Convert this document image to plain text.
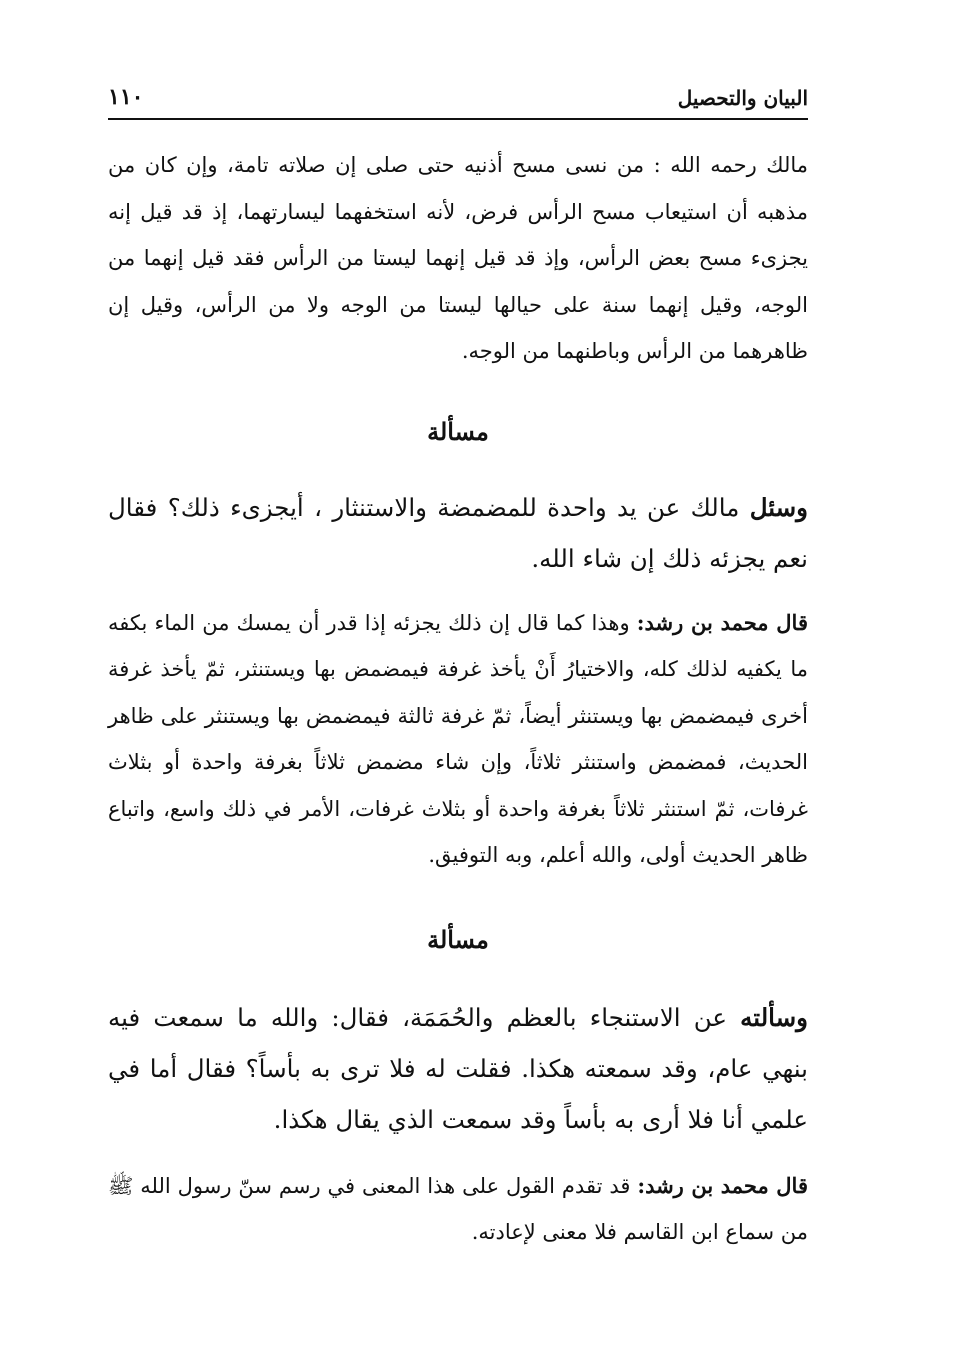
البيان والتحصيل
١١٠

مالك رحمه الله : من نسى مسح أذنيه حتى صلى إن صلاته تامة، وإن كان من مذهبه أن استيعاب مسح الرأس فرض، لأنه استخفهما ليسارتهما، إذ قد قيل إنه يجزىء مسح بعض الرأس، وإذ قد قيل إنهما ليستا من الرأس فقد قيل إنهما من الوجه، وقيل إنهما سنة على حيالها ليستا من الوجه ولا من الرأس، وقيل إن ظاهرهما من الرأس وباطنهما من الوجه.

مسألة

وسئل مالك عن يد واحدة للمضمضة والاستنثار ، أيجزىء ذلك؟ فقال نعم يجزئه ذلك إن شاء الله.

قال محمد بن رشد: وهذا كما قال إن ذلك يجزئه إذا قدر أن يمسك من الماء بكفه ما يكفيه لذلك كله، والاختيارُ أَنْ يأخذ غرفة فيمضمض بها ويستنثر، ثمّ يأخذ غرفة أخرى فيمضمض بها ويستنثر أيضاً، ثمّ غرفة ثالثة فيمضمض بها ويستنثر على ظاهر الحديث، فمضمض واستنثر ثلاثاً، وإن شاء مضمض ثلاثاً بغرفة واحدة أو بثلاث غرفات، ثمّ استنثر ثلاثاً بغرفة واحدة أو بثلاث غرفات، الأمر في ذلك واسع، واتباع ظاهر الحديث أولى، والله أعلم، وبه التوفيق.

مسألة

وسألته عن الاستنجاء بالعظم والحُمَمَة، فقال: والله ما سمعت فيه بنهي عام، وقد سمعته هكذا. فقلت له فلا ترى به بأساً؟ فقال أما في علمي أنا فلا أرى به بأساً وقد سمعت الذي يقال هكذا.

قال محمد بن رشد: قد تقدم القول على هذا المعنى في رسم سنّ رسول الله ﷺ من سماع ابن القاسم فلا معنى لإعادته.
